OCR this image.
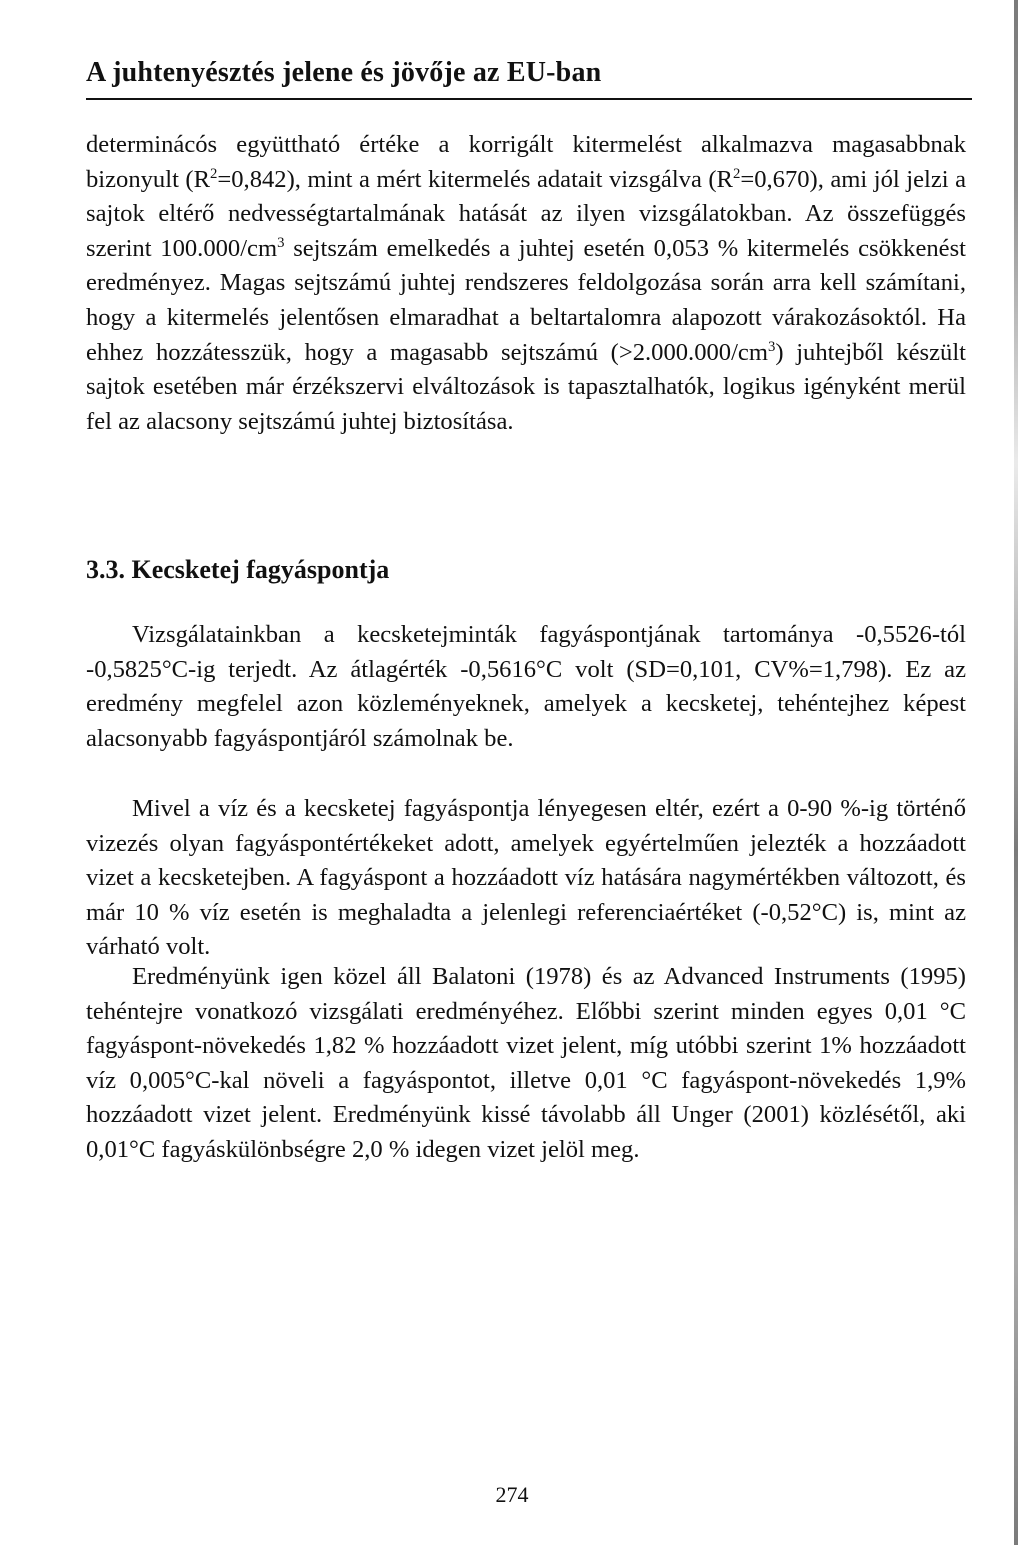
A juhtenyésztés jelene és jövője az EU-ban

determinácós együttható értéke a korrigált kitermelést alkalmazva magasabbnak bizonyult $(R^2=0,842)$, mint a mért kitermelés adatait vizsgálva $(R^2=0,670)$, ami jól jelzi a sajtok eltérő nedvességtartalmának hatását az ilyen vizsgálatokban. Az összefüggés szerint $100.000/cm^3$ sejtszám emelkedés a juhtej esetén 0,053 % kitermelés csökkenést eredményez. Magas sejtszámú juhtej rendszeres feldolgozása során arra kell számítani, hogy a kitermelés jelentősen elmaradhat a beltartalomra alapozott várakozásoktól. Ha ehhez hozzátesszük, hogy a magasabb sejtszámú $(>2.000.000/cm^3)$ juhtejből készült sajtok esetében már érzékszervi elváltozások is tapasztalhatók, logikus igényként merül fel az alacsony sejtszámú juhtej biztosítása.

3.3. Kecsketej fagyáspontja

Vizsgálatainkban a kecsketejminták fagyáspontjának tartománya -0,5526-tól -0,5825°C-ig terjedt. Az átlagérték -0,5616°C volt (SD=0,101, CV%=1,798). Ez az eredmény megfelel azon közleményeknek, amelyek a kecsketej, tehéntejhez képest alacsonyabb fagyáspontjáról számolnak be.

Mivel a víz és a kecsketej fagyáspontja lényegesen eltér, ezért a 0-90 %-ig történő vizezés olyan fagyáspontértékeket adott, amelyek egyértelműen jelezték a hozzáadott vizet a kecsketejben. A fagyáspont a hozzáadott víz hatására nagymértékben változott, és már 10 % víz esetén is meghaladta a jelenlegi referenciaértéket (-0,52°C) is, mint az várható volt.

Eredményünk igen közel áll Balatoni (1978) és az Advanced Instruments (1995) tehéntejre vonatkozó vizsgálati eredményéhez. Előbbi szerint minden egyes 0,01 °C fagyáspont-növekedés 1,82 % hozzáadott vizet jelent, míg utóbbi szerint 1% hozzáadott víz 0,005°C-kal növeli a fagyáspontot, illetve 0,01 °C fagyáspont-növekedés 1,9% hozzáadott vizet jelent. Eredményünk kissé távolabb áll Unger (2001) közlésétől, aki 0,01°C fagyáskülönbségre 2,0 % idegen vizet jelöl meg.

274
